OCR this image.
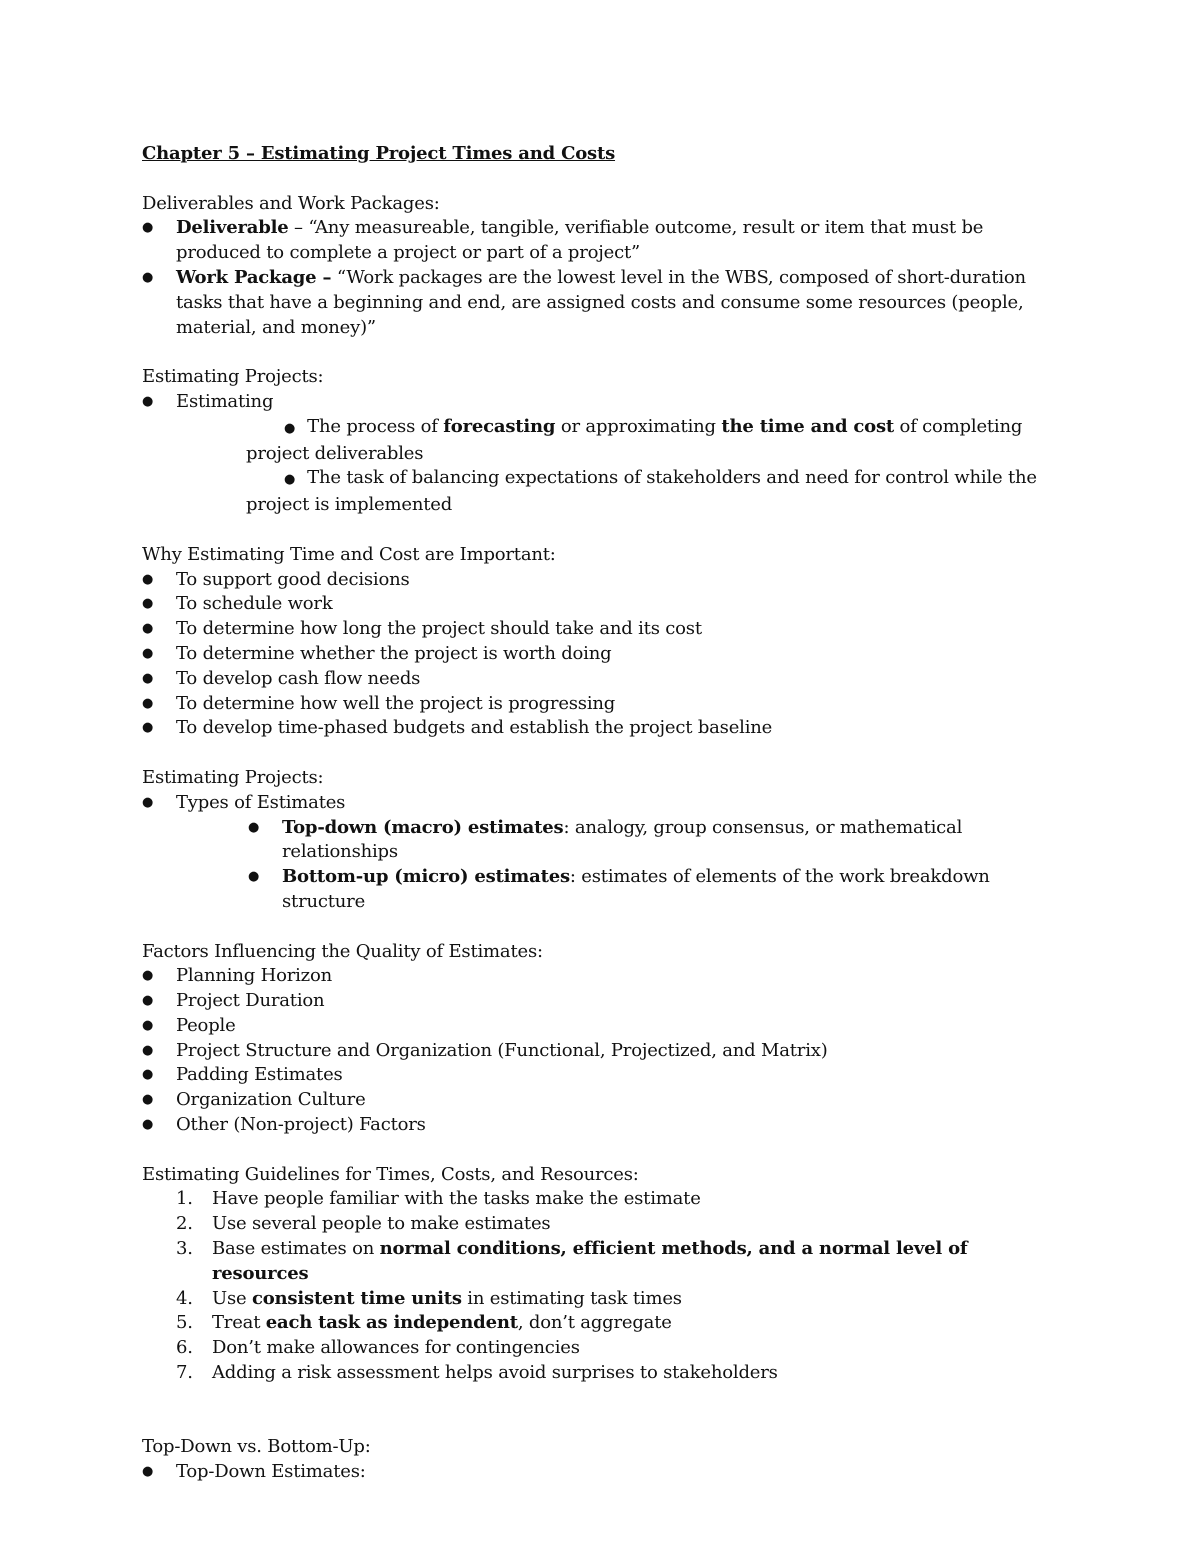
Chapter 5 – Estimating Project Times and Costs

Deliverables and Work Packages:

● Deliverable – “Any measureable, tangible, verifiable outcome, result or item that must be produced to complete a project or part of a project”
● Work Package – “Work packages are the lowest level in the WBS, composed of short-duration tasks that have a beginning and end, are assigned costs and consume some resources (people, material, and money)”

Estimating Projects:

● Estimating
● The process of forecasting or approximating the time and cost of completing project deliverables
● The task of balancing expectations of stakeholders and need for control while the project is implemented

Why Estimating Time and Cost are Important:

● To support good decisions
● To schedule work
● To determine how long the project should take and its cost
● To determine whether the project is worth doing
● To develop cash flow needs
● To determine how well the project is progressing
● To develop time-phased budgets and establish the project baseline

Estimating Projects:

● Types of Estimates
● Top-down (macro) estimates: analogy, group consensus, or mathematical relationships
● Bottom-up (micro) estimates: estimates of elements of the work breakdown structure

Factors Influencing the Quality of Estimates:

● Planning Horizon
● Project Duration
● People
● Project Structure and Organization (Functional, Projectized, and Matrix)
● Padding Estimates
● Organization Culture
● Other (Non-project) Factors

Estimating Guidelines for Times, Costs, and Resources:

1. Have people familiar with the tasks make the estimate
2. Use several people to make estimates
3. Base estimates on normal conditions, efficient methods, and a normal level of resources
4. Use consistent time units in estimating task times
5. Treat each task as independent, don’t aggregate
6. Don’t make allowances for contingencies
7. Adding a risk assessment helps avoid surprises to stakeholders

Top-Down vs. Bottom-Up:

● Top-Down Estimates:
